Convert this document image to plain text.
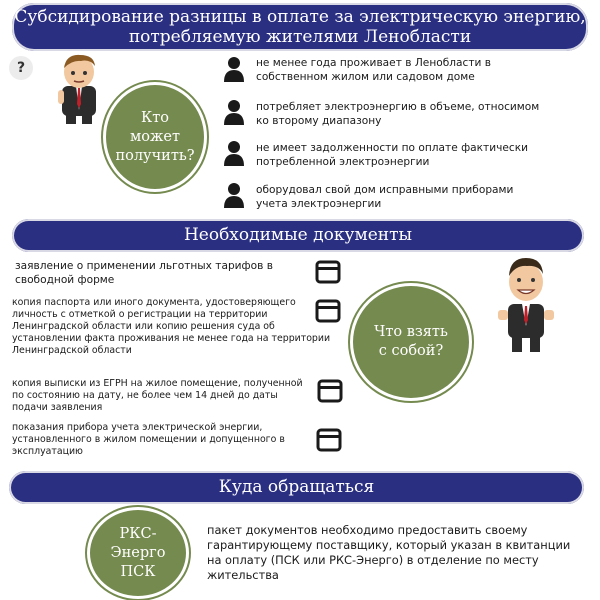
Субсидирование разницы в оплате за электрическую энергию,
потребляемую жителями Ленобласти
?
Кто
может
получить?
не менее года проживает в Ленобласти в
собственном жилом или садовом доме
потребляет электроэнергию в объеме, относимом
ко второму диапазону
не имеет задолженности по оплате фактически
потребленной электроэнергии
оборудовал свой дом исправными приборами
учета электроэнергии
Необходимые документы
заявление о применении льготных тарифов в
свободной форме
копия паспорта или иного документа, удостоверяющего
личность с отметкой о регистрации на территории
Ленинградской области или копию решения суда об
установлении факта проживания не менее года на территории
Ленинградской области
Что взять
с собой?
копия выписки из ЕГРН на жилое помещение, полученной
по состоянию на дату, не более чем 14 дней до даты
подачи заявления
показания прибора учета электрической энергии,
установленного в жилом помещении и допущенного в
эксплуатацию
Куда обращаться
РКС-
Энерго
ПСК
пакет документов необходимо предоставить своему
гарантирующему поставщику, который указан в квитанции
на оплату (ПСК или РКС-Энерго) в отделение по месту
жительства
